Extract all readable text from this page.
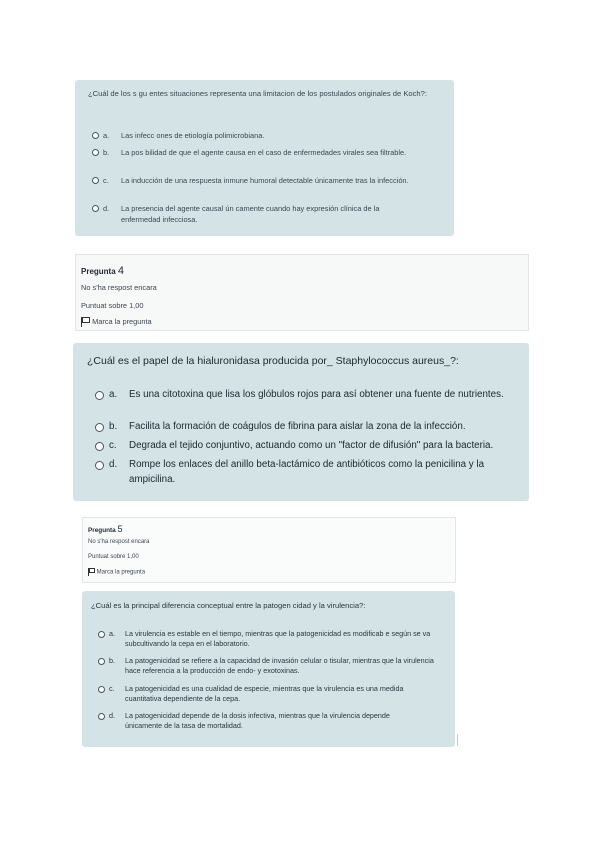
¿Cuál de los s gu entes situaciones representa una limitacion de los postulados originales de Koch?:
a.	Las infecc ones de etiología polimicrobiana.
b.	La pos bilidad de que el agente causa en el caso de enfermedades virales sea filtrable.
c.	La inducción de una respuesta inmune humoral detectable únicamente tras la infección.
d.	La presencia del agente causal ún camente cuando hay expresión clínica de la enfermedad infecciosa.
Pregunta 4
No s'ha respost encara
Puntuat sobre 1,00
Marca la pregunta
¿Cuál es el papel de la hialuronidasa producida por_ Staphylococcus aureus_?:
a.	Es una citotoxina que lisa los glóbulos rojos para así obtener una fuente de nutrientes.
b.	Facilita la formación de coágulos de fibrina para aislar la zona de la infección.
c.	Degrada el tejido conjuntivo, actuando como un "factor de difusión" para la bacteria.
d.	Rompe los enlaces del anillo beta-lactámico de antibióticos como la penicilina y la ampicilina.
Pregunta 5
No s'ha respost encara
Puntuat sobre 1,00
Marca la pregunta
¿Cuál es la principal diferencia conceptual entre la patogen cidad y la virulencia?:
a.	La virulencia es estable en el tiempo, mientras que la patogenicidad es modificab e según se va subcultivando la cepa en el laboratorio.
b.	La patogenicidad se refiere a la capacidad de invasión celular o tisular, mientras que la virulencia hace referencia a la producción de endo- y exotoxinas.
c.	La patogenicidad es una cualidad de especie, mientras que la virulencia es una medida cuantitativa dependiente de la cepa.
d.	La patogenicidad depende de la dosis infectiva, mientras que la virulencia depende únicamente de la tasa de mortalidad.
